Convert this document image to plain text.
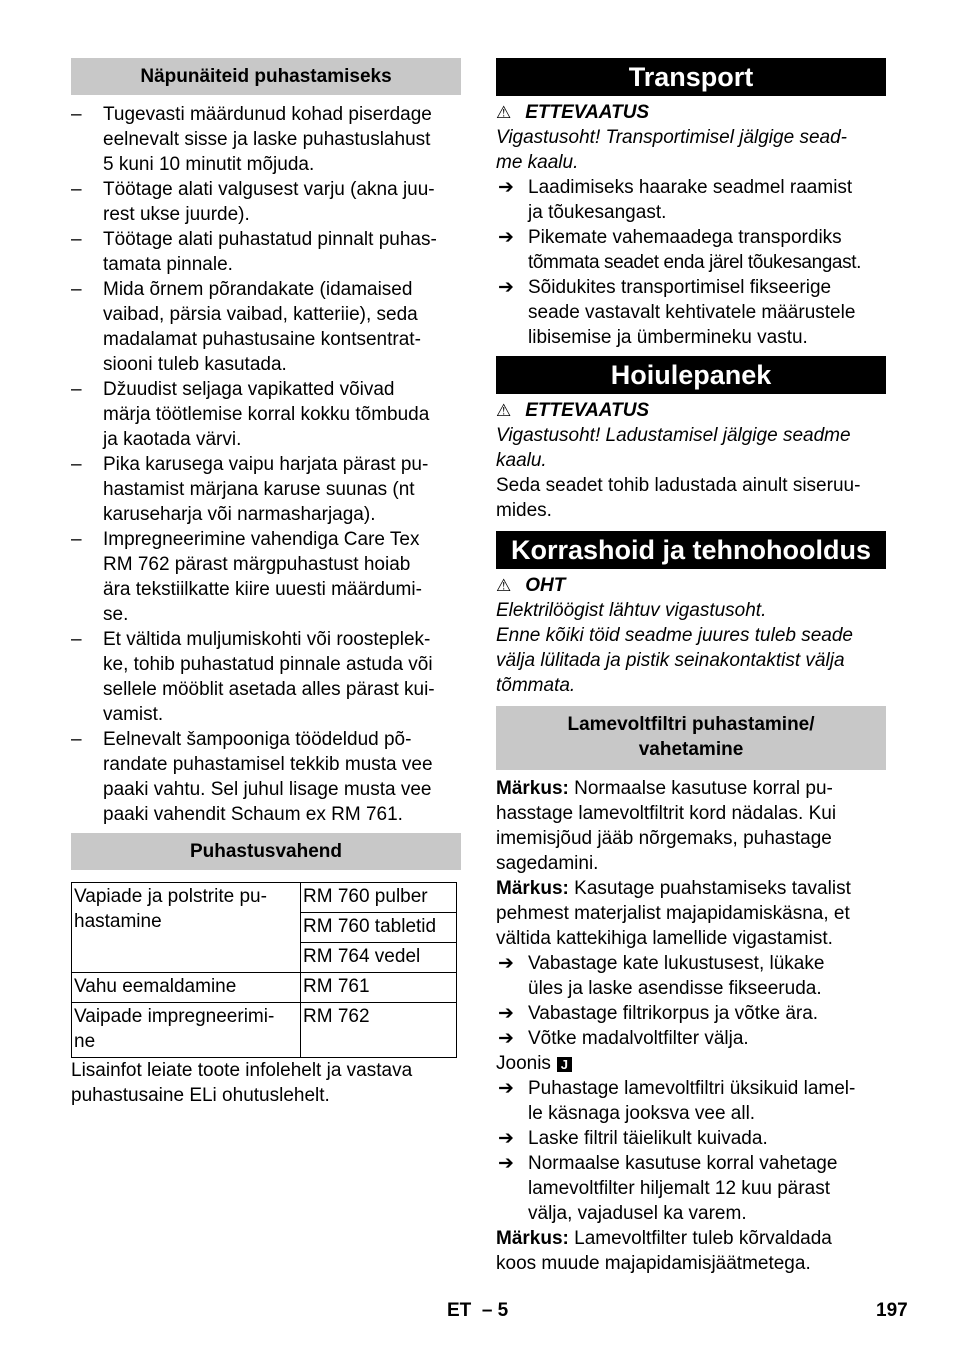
Näpunäiteid puhastamiseks
– Tugevasti määrdunud kohad piserdage
eelnevalt sisse ja laske puhastuslahust
5 kuni 10 minutit mõjuda.
– Töötage alati valgusest varju (akna juu-
rest ukse juurde).
– Töötage alati puhastatud pinnalt puhas-
tamata pinnale.
– Mida õrnem põrandakate (idamaised
vaibad, pärsia vaibad, katteriie), seda
madalamat puhastusaine kontsentrat-
siooni tuleb kasutada.
– Džuudist seljaga vapikatted võivad
märja töötlemise korral kokku tõmbuda
ja kaotada värvi.
– Pika karusega vaipu harjata pärast pu-
hastamist märjana karuse suunas (nt
karuseharja või narmasharjaga).
– Impregneerimine vahendiga Care Tex
RM 762 pärast märgpuhastust hoiab
ära tekstiilkatte kiire uuesti määrdumi-
se.
– Et vältida muljumiskohti või roosteplek-
ke, tohib puhastatud pinnale astuda või
sellele mööblit asetada alles pärast kui-
vamist.
– Eelnevalt šampooniga töödeldud põ-
randate puhastamisel tekkib musta vee
paaki vahtu. Sel juhul lisage musta vee
paaki vahendit Schaum ex RM 761.
Puhastusvahend
Vapiade ja polstrite pu-
hastamine	RM 760 pulber
	RM 760 tabletid
	RM 764 vedel
Vahu eemaldamine	RM 761

Vaipade impregneerimi-
ne	RM 762
Lisainfot leiate toote infolehelt ja vastava
puhastusaine ELi ohutuslehelt.
Transport
⚠ ETTEVAATUS
Vigastusoht! Transportimisel jälgige sead-
me kaalu.
➔ Laadimiseks haarake seadmel raamist
ja tõukesangast.
➔ Pikemate vahemaadega transpordiks
tõmmata seadet enda järel tõukesangast.
➔ Sõidukites transportimisel fikseerige
seade vastavalt kehtivatele määrustele
libisemise ja ümbermineku vastu.
Hoiulepanek
⚠ ETTEVAATUS
Vigastusoht! Ladustamisel jälgige seadme
kaalu.
Seda seadet tohib ladustada ainult siseruu-
mides.
Korrashoid ja tehnohooldus
⚠ OHT
Elektrilöögist lähtuv vigastusoht.
Enne kõiki töid seadme juures tuleb seade
välja lülitada ja pistik seinakontaktist välja
tõmmata.
Lamevoltfiltri puhastamine/
vahetamine
Märkus: Normaalse kasutuse korral pu-
hasstage lamevoltfiltrit kord nädalas. Kui
imemisjõud jääb nõrgemaks, puhastage
sagedamini.
Märkus: Kasutage puahstamiseks tavalist
pehmest materjalist majapidamiskäsna, et
vältida kattekihiga lamellide vigastamist.
➔ Vabastage kate lukustusest, lükake
üles ja laske asendisse fikseeruda.
➔ Vabastage filtrikorpus ja võtke ära.
➔ Võtke madalvoltfilter välja.
Joonis J
➔ Puhastage lamevoltfiltri üksikuid lamel-
le käsnaga jooksva vee all.
➔ Laske filtril täielikult kuivada.
➔ Normaalse kasutuse korral vahetage
lamevoltfilter hiljemalt 12 kuu pärast
välja, vajadusel ka varem.
Märkus: Lamevoltfilter tuleb kõrvaldada
koos muude majapidamisjäätmetega.
ET  – 5	197
